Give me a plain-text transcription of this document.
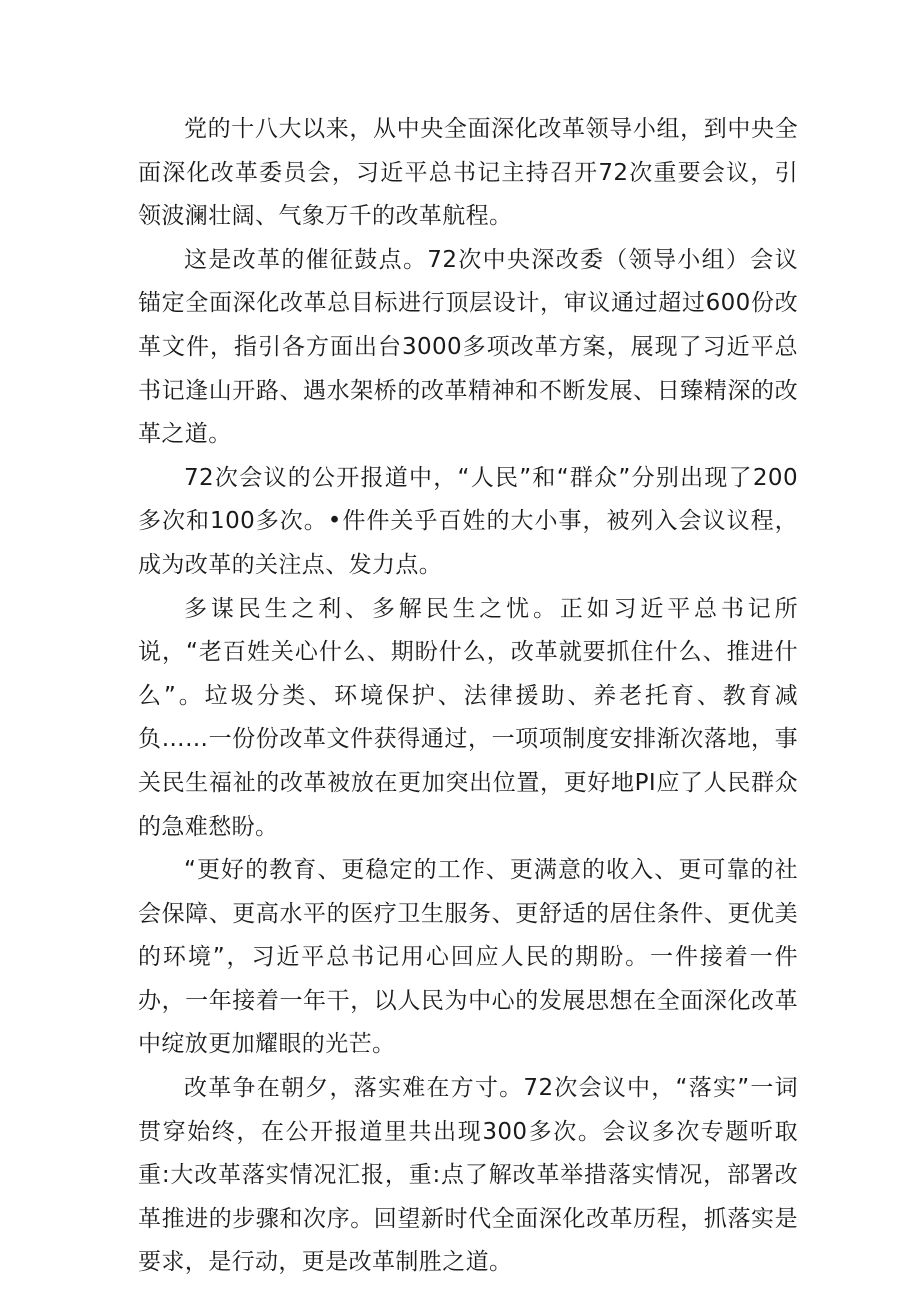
党的十八大以来，从中央全面深化改革领导小组，到中央全面深化改革委员会，习近平总书记主持召开72次重要会议，引领波澜壮阔、气象万千的改革航程。

这是改革的催征鼓点。72次中央深改委（领导小组）会议锚定全面深化改革总目标进行顶层设计，审议通过超过600份改革文件，指引各方面出台3000多项改革方案，展现了习近平总书记逢山开路、遇水架桥的改革精神和不断发展、日臻精深的改革之道。

72次会议的公开报道中，“人民”和“群众”分别出现了200多次和100多次。•件件关乎百姓的大小事，被列入会议议程，成为改革的关注点、发力点。

多谋民生之利、多解民生之忧。正如习近平总书记所说，“老百姓关心什么、期盼什么，改革就要抓住什么、推进什么”。垃圾分类、环境保护、法律援助、养老托育、教育减负……一份份改革文件获得通过，一项项制度安排渐次落地，事关民生福祉的改革被放在更加突出位置，更好地PI应了人民群众的急难愁盼。

“更好的教育、更稳定的工作、更满意的收入、更可靠的社会保障、更高水平的医疗卫生服务、更舒适的居住条件、更优美的环境”，习近平总书记用心回应人民的期盼。一件接着一件办，一年接着一年干，以人民为中心的发展思想在全面深化改革中绽放更加耀眼的光芒。

改革争在朝夕，落实难在方寸。72次会议中，“落实”一词贯穿始终，在公开报道里共出现300多次。会议多次专题听取重:大改革落实情况汇报，重:点了解改革举措落实情况，部署改革推进的步骤和次序。回望新时代全面深化改革历程，抓落实是要求，是行动，更是改革制胜之道。
